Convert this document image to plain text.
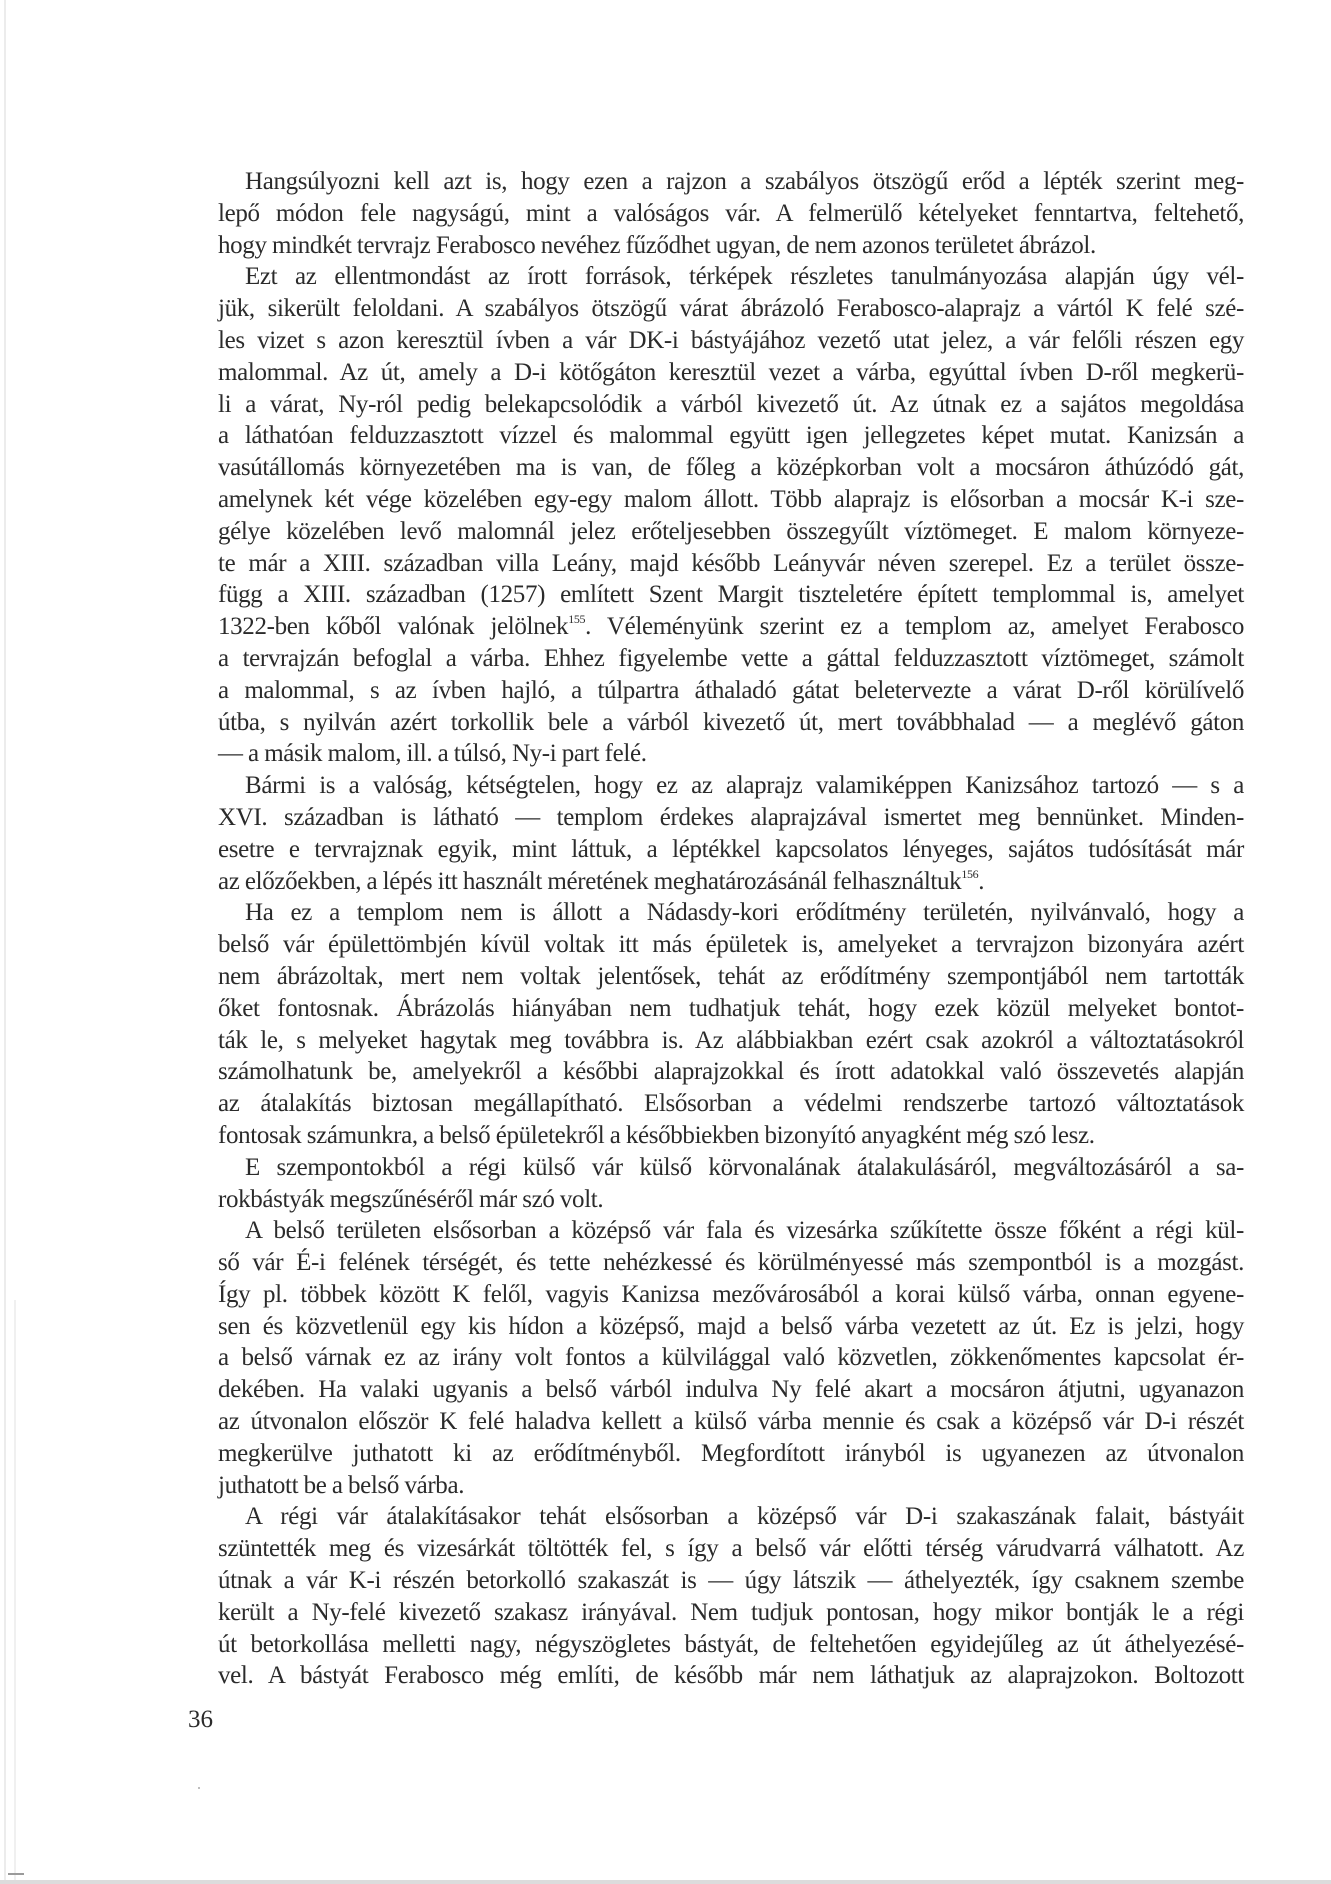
Hangsúlyozni kell azt is, hogy ezen a rajzon a szabályos ötszögű erőd a lépték szerint meg-
lepő módon fele nagyságú, mint a valóságos vár. A felmerülő kételyeket fenntartva, feltehető,
hogy mindkét tervrajz Ferabosco nevéhez fűződhet ugyan, de nem azonos területet ábrázol.
Ezt az ellentmondást az írott források, térképek részletes tanulmányozása alapján úgy vél-
jük, sikerült feloldani. A szabályos ötszögű várat ábrázoló Ferabosco-alaprajz a vártól K felé szé-
les vizet s azon keresztül ívben a vár DK-i bástyájához vezető utat jelez, a vár felőli részen egy
malommal. Az út, amely a D-i kötőgáton keresztül vezet a várba, egyúttal ívben D-ről megkerü-
li a várat, Ny-ról pedig belekapcsolódik a várból kivezető út. Az útnak ez a sajátos megoldása
a láthatóan felduzzasztott vízzel és malommal együtt igen jellegzetes képet mutat. Kanizsán a
vasútállomás környezetében ma is van, de főleg a középkorban volt a mocsáron áthúzódó gát,
amelynek két vége közelében egy-egy malom állott. Több alaprajz is elősorban a mocsár K-i sze-
gélye közelében levő malomnál jelez erőteljesebben összegyűlt víztömeget. E malom környeze-
te már a XIII. században villa Leány, majd később Leányvár néven szerepel. Ez a terület össze-
függ a XIII. században (1257) említett Szent Margit tiszteletére épített templommal is, amelyet
1322-ben kőből valónak jelölnek$^{155}$. Véleményünk szerint ez a templom az, amelyet Ferabosco
a tervrajzán befoglal a várba. Ehhez figyelembe vette a gáttal felduzzasztott víztömeget, számolt
a malommal, s az ívben hajló, a túlpartra áthaladó gátat beletervezte a várat D-ről körülívelő
útba, s nyilván azért torkollik bele a várból kivezető út, mert továbbhalad — a meglévő gáton
— a másik malom, ill. a túlsó, Ny-i part felé.
Bármi is a valóság, kétségtelen, hogy ez az alaprajz valamiképpen Kanizsához tartozó — s a
XVI. században is látható — templom érdekes alaprajzával ismertet meg bennünket. Minden-
esetre e tervrajznak egyik, mint láttuk, a léptékkel kapcsolatos lényeges, sajátos tudósítását már
az előzőekben, a lépés itt használt méretének meghatározásánál felhasználtuk$^{156}$.
Ha ez a templom nem is állott a Nádasdy-kori erődítmény területén, nyilvánvaló, hogy a
belső vár épülettömbjén kívül voltak itt más épületek is, amelyeket a tervrajzon bizonyára azért
nem ábrázoltak, mert nem voltak jelentősek, tehát az erődítmény szempontjából nem tartották
őket fontosnak. Ábrázolás hiányában nem tudhatjuk tehát, hogy ezek közül melyeket bontot-
ták le, s melyeket hagytak meg továbbra is. Az alábbiakban ezért csak azokról a változtatásokról
számolhatunk be, amelyekről a későbbi alaprajzokkal és írott adatokkal való összevetés alapján
az átalakítás biztosan megállapítható. Elsősorban a védelmi rendszerbe tartozó változtatások
fontosak számunkra, a belső épületekről a későbbiekben bizonyító anyagként még szó lesz.
E szempontokból a régi külső vár külső körvonalának átalakulásáról, megváltozásáról a sa-
rokbástyák megszűnéséről már szó volt.
A belső területen elsősorban a középső vár fala és vizesárka szűkítette össze főként a régi kül-
ső vár É-i felének térségét, és tette nehézkessé és körülményessé más szempontból is a mozgást.
Így pl. többek között K felől, vagyis Kanizsa mezővárosából a korai külső várba, onnan egyene-
sen és közvetlenül egy kis hídon a középső, majd a belső várba vezetett az út. Ez is jelzi, hogy
a belső várnak ez az irány volt fontos a külvilággal való közvetlen, zökkenőmentes kapcsolat ér-
dekében. Ha valaki ugyanis a belső várból indulva Ny felé akart a mocsáron átjutni, ugyanazon
az útvonalon először K felé haladva kellett a külső várba mennie és csak a középső vár D-i részét
megkerülve juthatott ki az erődítményből. Megfordított irányból is ugyanezen az útvonalon
juthatott be a belső várba.
A régi vár átalakításakor tehát elsősorban a középső vár D-i szakaszának falait, bástyáit
szüntették meg és vizesárkát töltötték fel, s így a belső vár előtti térség várudvarrá válhatott. Az
útnak a vár K-i részén betorkolló szakaszát is — úgy látszik — áthelyezték, így csaknem szembe
került a Ny-felé kivezető szakasz irányával. Nem tudjuk pontosan, hogy mikor bontják le a régi
út betorkollása melletti nagy, négyszögletes bástyát, de feltehetően egyidejűleg az út áthelyezésé-
vel. A bástyát Ferabosco még említi, de később már nem láthatjuk az alaprajzokon. Boltozott
36
